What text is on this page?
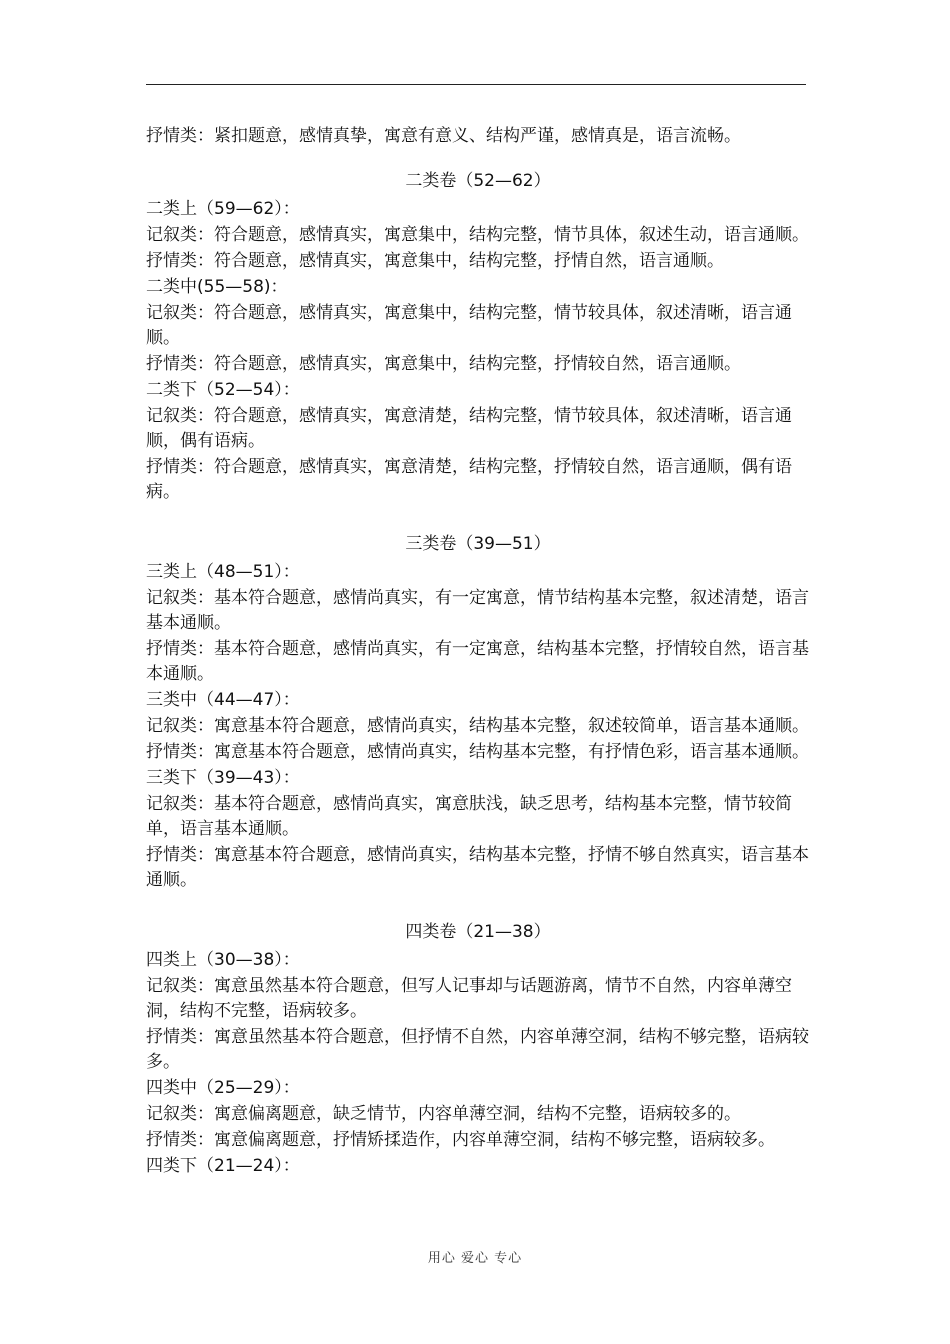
抒情类：紧扣题意，感情真挚，寓意有意义、结构严谨，感情真是，语言流畅。

二类卷（52—62）

二类上（59—62）：

记叙类：符合题意，感情真实，寓意集中，结构完整，情节具体，叙述生动，语言通顺。

抒情类：符合题意，感情真实，寓意集中，结构完整，抒情自然，语言通顺。

二类中(55—58)：

记叙类：符合题意，感情真实，寓意集中，结构完整，情节较具体，叙述清晰，语言通顺。

抒情类：符合题意，感情真实，寓意集中，结构完整，抒情较自然，语言通顺。

二类下（52—54）：

记叙类：符合题意，感情真实，寓意清楚，结构完整，情节较具体，叙述清晰，语言通顺，偶有语病。

抒情类：符合题意，感情真实，寓意清楚，结构完整，抒情较自然，语言通顺，偶有语病。

三类卷（39—51）

三类上（48—51）：

记叙类：基本符合题意，感情尚真实，有一定寓意，情节结构基本完整，叙述清楚，语言基本通顺。

抒情类：基本符合题意，感情尚真实，有一定寓意，结构基本完整，抒情较自然，语言基本通顺。

三类中（44—47）：

记叙类：寓意基本符合题意，感情尚真实，结构基本完整，叙述较简单，语言基本通顺。

抒情类：寓意基本符合题意，感情尚真实，结构基本完整，有抒情色彩，语言基本通顺。

三类下（39—43）：

记叙类：基本符合题意，感情尚真实，寓意肤浅，缺乏思考，结构基本完整，情节较简单，语言基本通顺。

抒情类：寓意基本符合题意，感情尚真实，结构基本完整，抒情不够自然真实，语言基本通顺。

四类卷（21—38）

四类上（30—38）：

记叙类：寓意虽然基本符合题意，但写人记事却与话题游离，情节不自然，内容单薄空洞，结构不完整，语病较多。

抒情类：寓意虽然基本符合题意，但抒情不自然，内容单薄空洞，结构不够完整，语病较多。

四类中（25—29）：

记叙类：寓意偏离题意，缺乏情节，内容单薄空洞，结构不完整，语病较多的。

抒情类：寓意偏离题意，抒情矫揉造作，内容单薄空洞，结构不够完整，语病较多。

四类下（21—24）：

用心 爱心 专心
